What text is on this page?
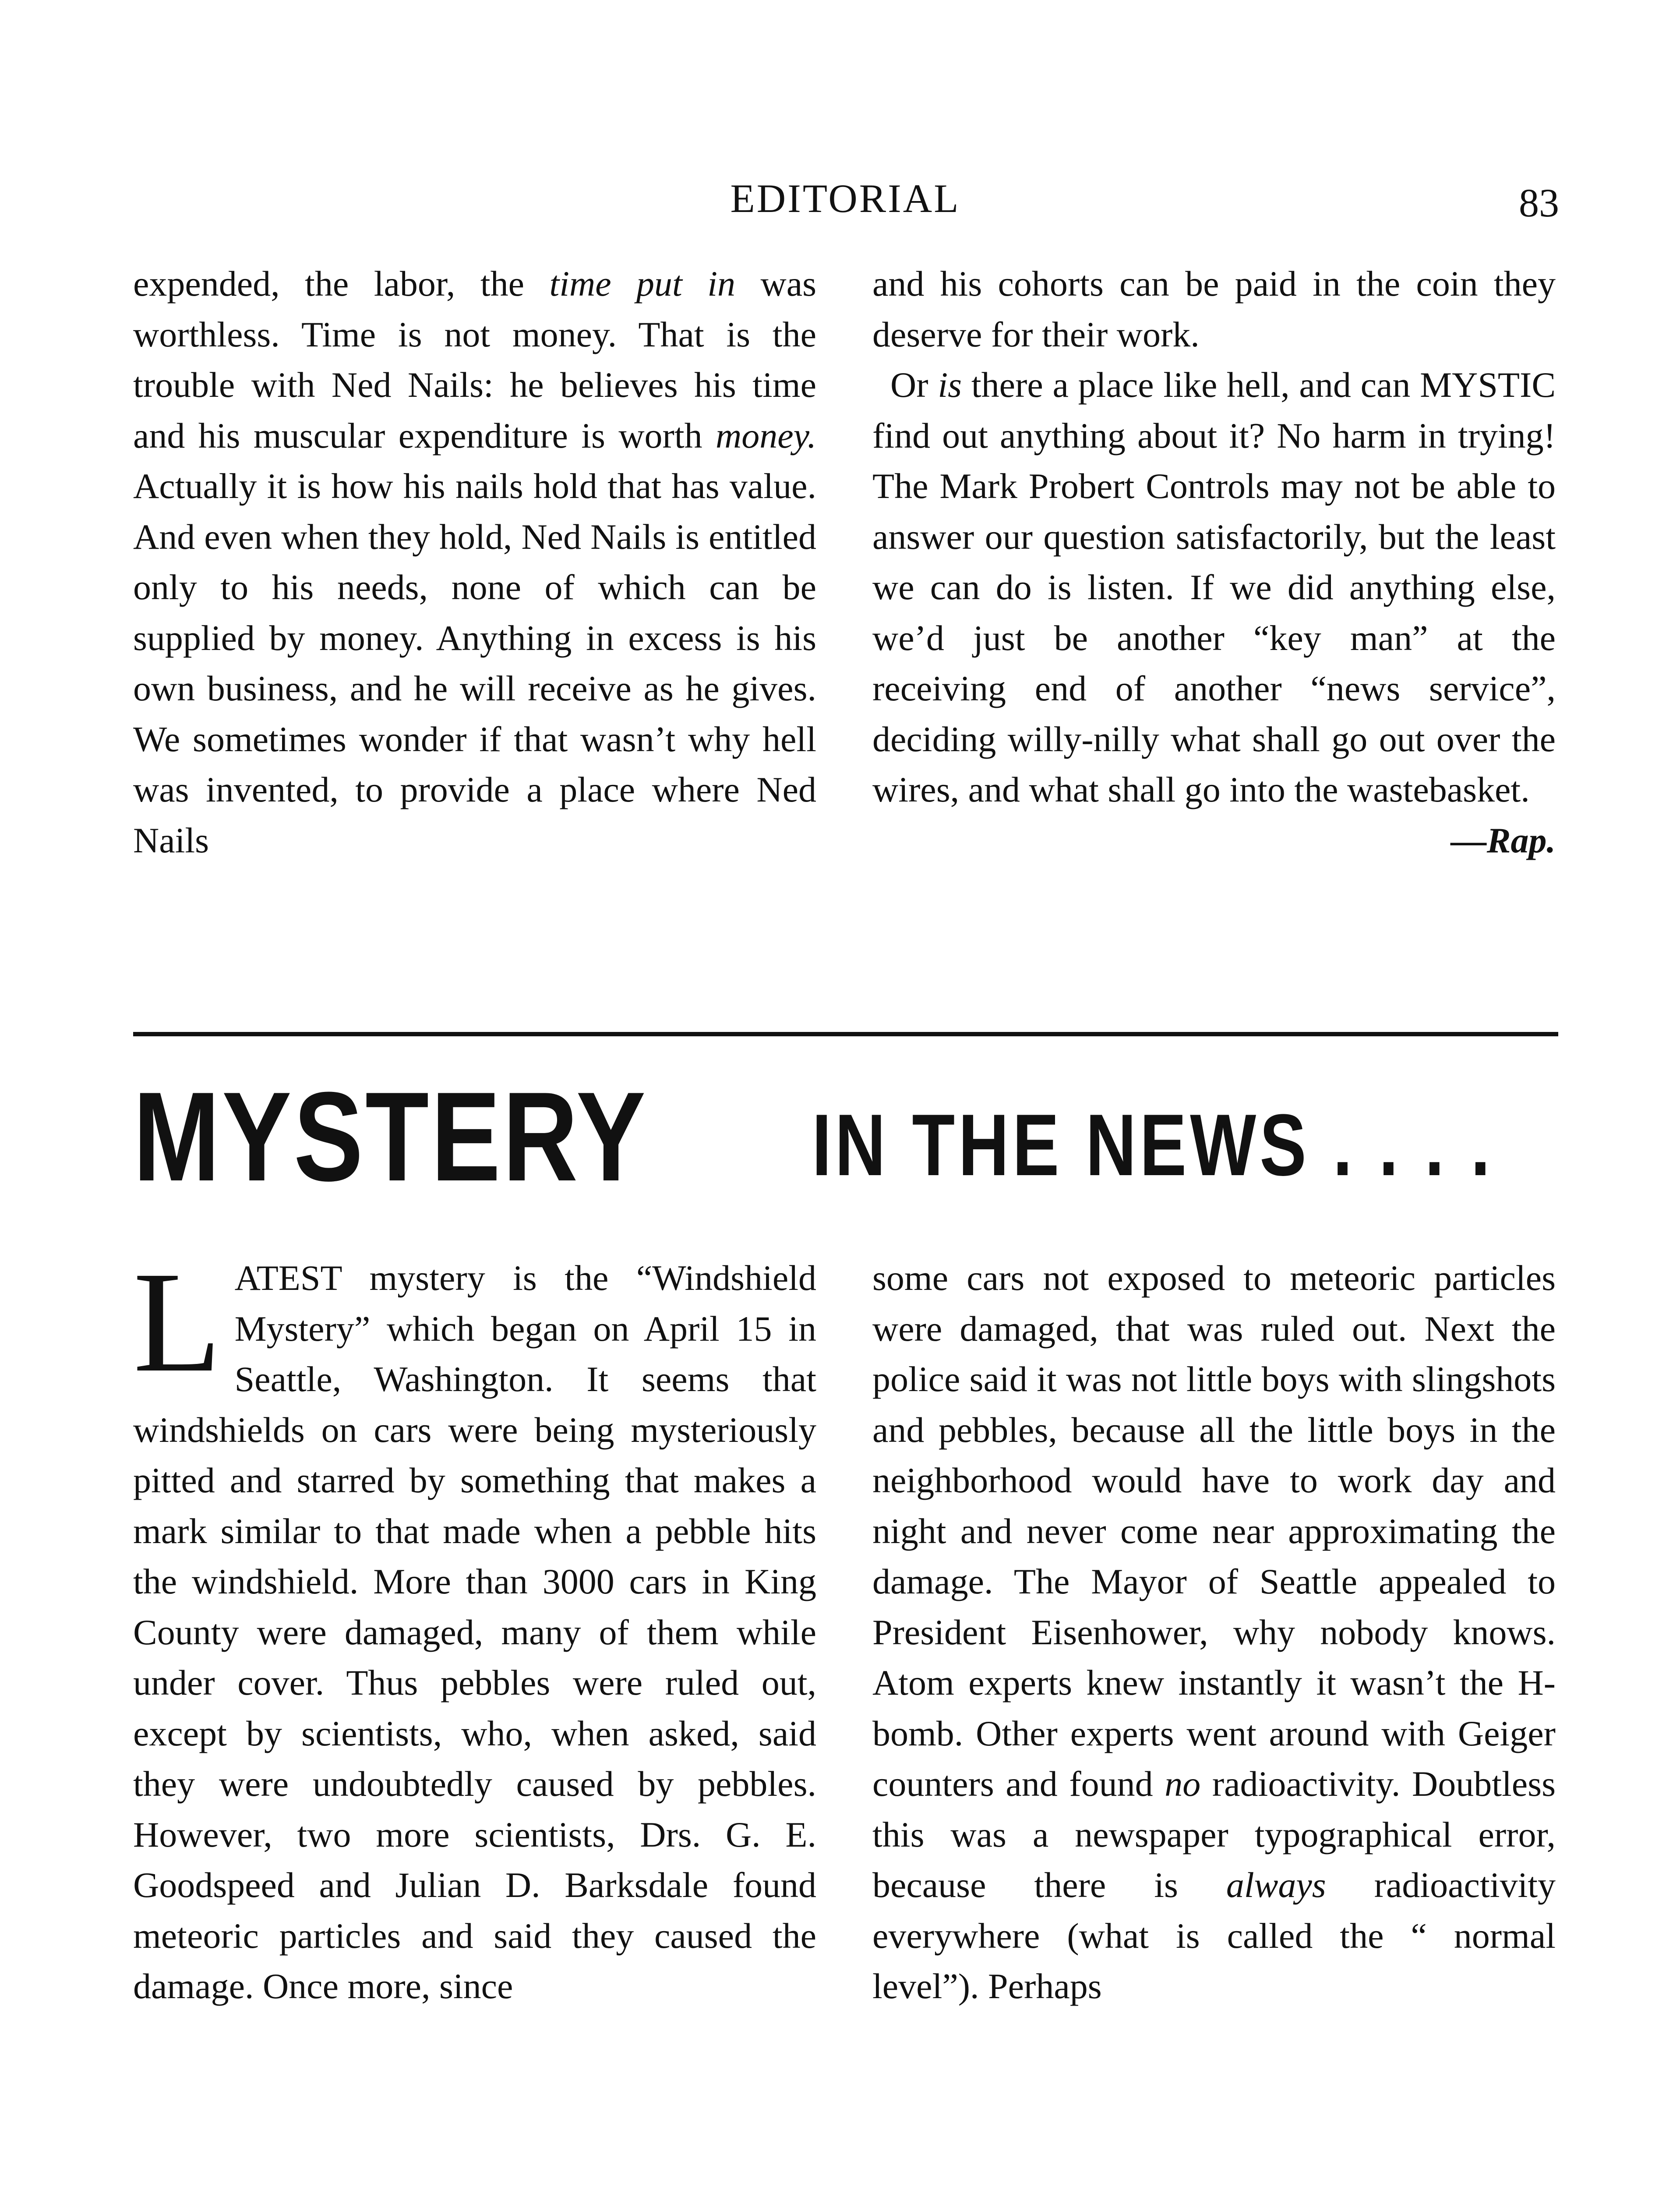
EDITORIAL	83

expended, the labor, the time put in was worthless. Time is not money. That is the trouble with Ned Nails: he believes his time and his muscular expenditure is worth money. Actually it is how his nails hold that has value. And even when they hold, Ned Nails is entitled only to his needs, none of which can be supplied by money. Anything in excess is his own business, and he will receive as he gives. We sometimes wonder if that wasn’t why hell was invented, to provide a place where Ned Nails

and his cohorts can be paid in the coin they deserve for their work.

 Or is there a place like hell, and can MYSTIC find out anything about it? No harm in trying! The Mark Probert Controls may not be able to answer our question satisfactorily, but the least we can do is listen. If we did anything else, we’d just be another “key man” at the receiving end of another “news service”, deciding willy-nilly what shall go out over the wires, and what shall go into the wastebasket.
—Rap.

MYSTERY IN THE NEWS . . . .

LATEST mystery is the “Windshield Mystery” which began on April 15 in Seattle, Washington. It seems that windshields on cars were being mysteriously pitted and starred by something that makes a mark similar to that made when a pebble hits the windshield. More than 3000 cars in King County were damaged, many of them while under cover. Thus pebbles were ruled out, except by scientists, who, when asked, said they were undoubtedly caused by pebbles. However, two more scientists, Drs. G. E. Goodspeed and Julian D. Barksdale found meteoric particles and said they caused the damage. Once more, since

some cars not exposed to meteoric particles were damaged, that was ruled out. Next the police said it was not little boys with slingshots and pebbles, because all the little boys in the neighborhood would have to work day and night and never come near approximating the damage. The Mayor of Seattle appealed to President Eisenhower, why nobody knows. Atom experts knew instantly it wasn’t the H-bomb. Other experts went around with Geiger counters and found no radioactivity. Doubtless this was a newspaper typographical error, because there is always radioactivity everywhere (what is called the “ normal level”). Perhaps
